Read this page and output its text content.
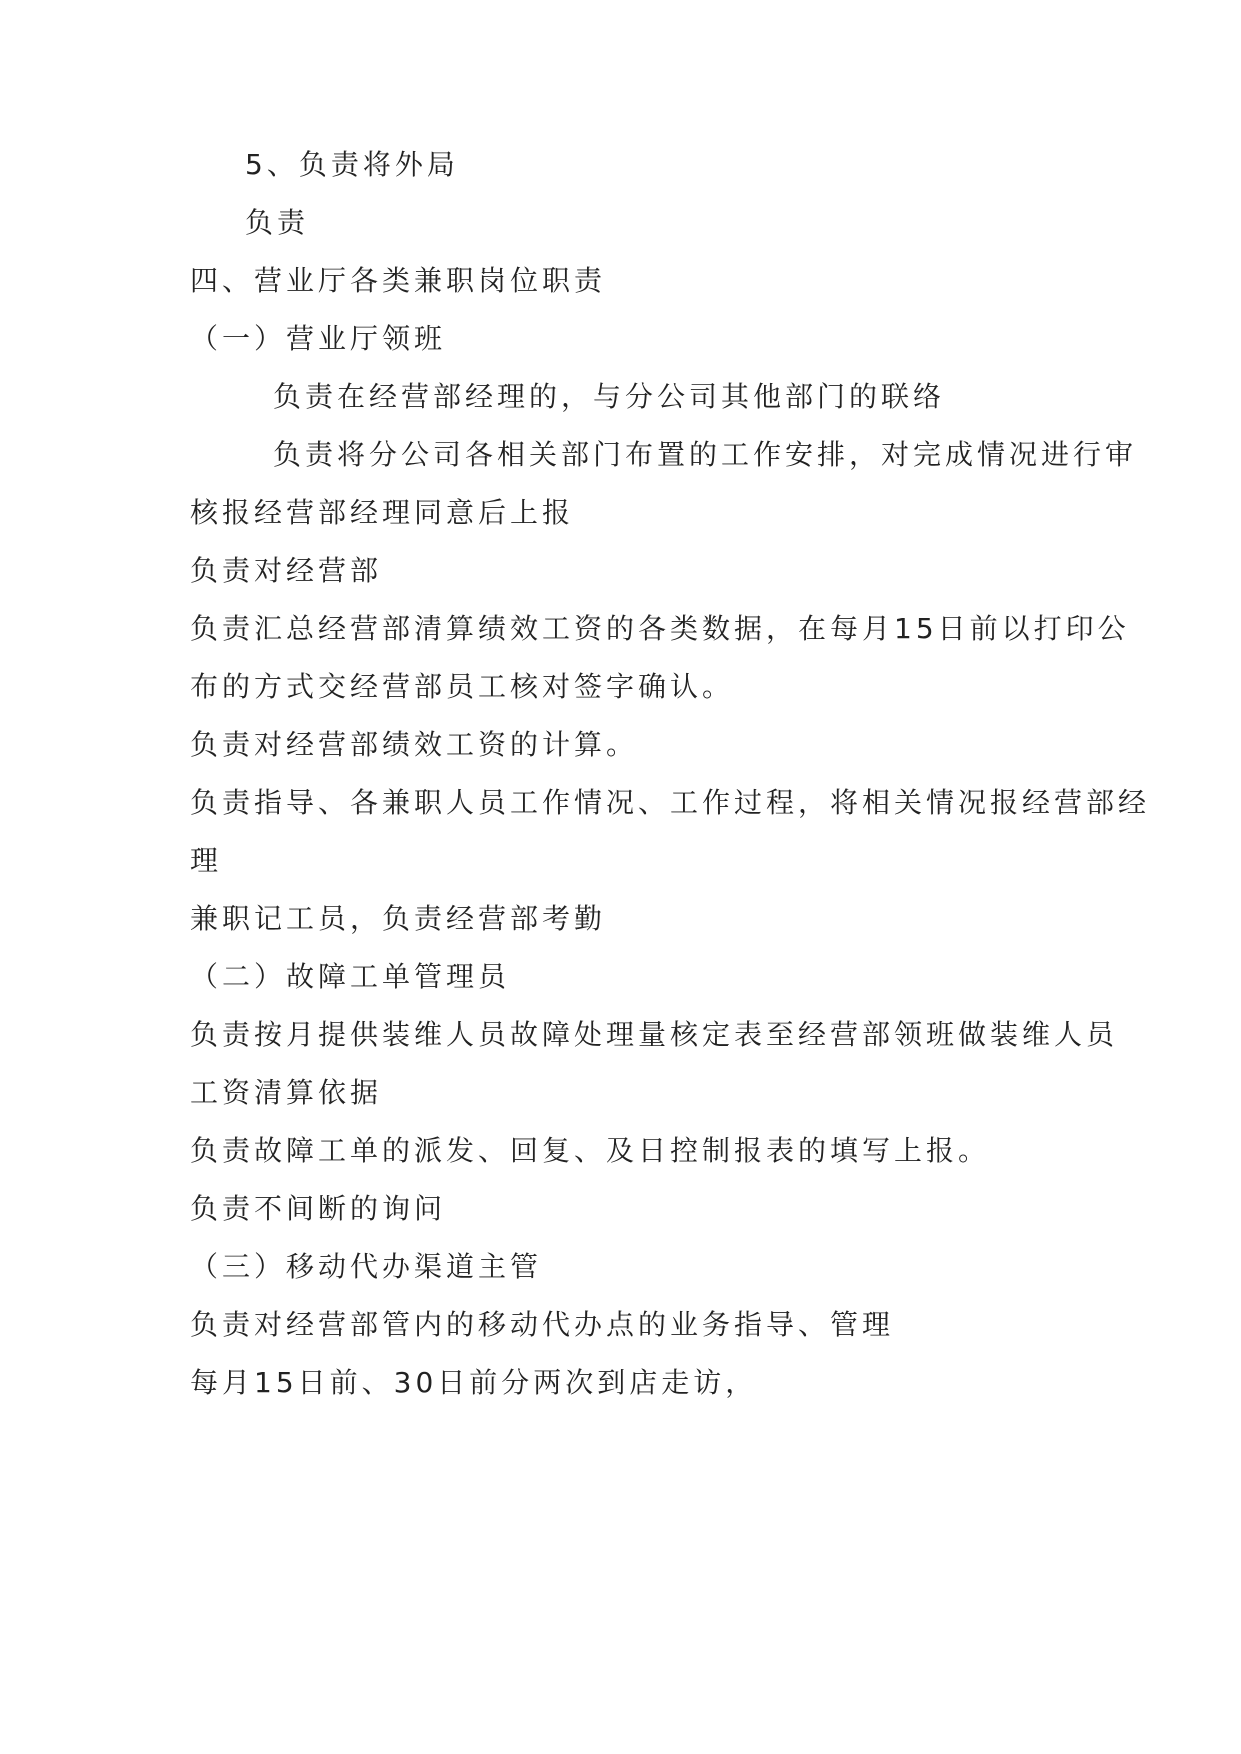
5、负责将外局
负责
四、营业厅各类兼职岗位职责
（一）营业厅领班
负责在经营部经理的，与分公司其他部门的联络
负责将分公司各相关部门布置的工作安排，对完成情况进行审
核报经营部经理同意后上报
负责对经营部
负责汇总经营部清算绩效工资的各类数据，在每月15日前以打印公
布的方式交经营部员工核对签字确认。
负责对经营部绩效工资的计算。
负责指导、各兼职人员工作情况、工作过程，将相关情况报经营部经
理
兼职记工员，负责经营部考勤
（二）故障工单管理员
负责按月提供装维人员故障处理量核定表至经营部领班做装维人员
工资清算依据
负责故障工单的派发、回复、及日控制报表的填写上报。
负责不间断的询问
（三）移动代办渠道主管
负责对经营部管内的移动代办点的业务指导、管理
每月15日前、30日前分两次到店走访，
